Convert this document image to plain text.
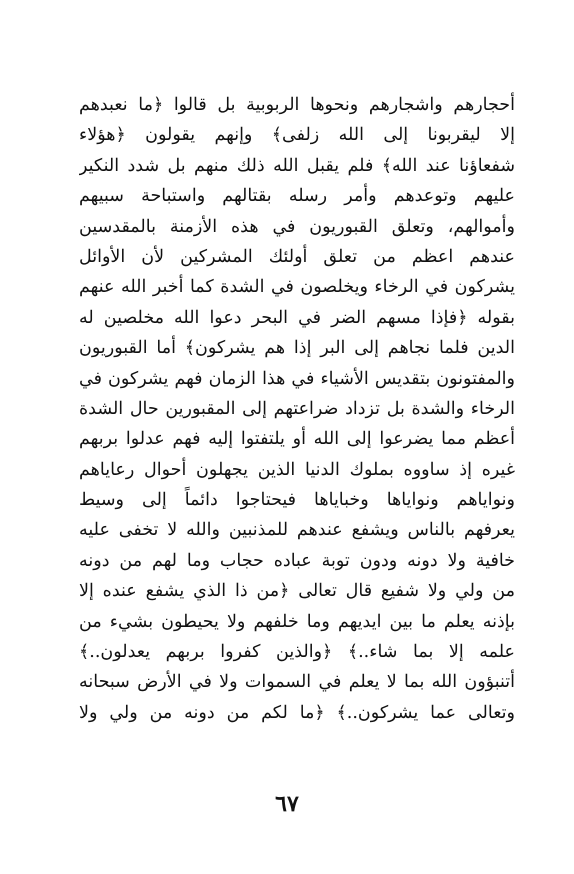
أحجارهم واشجارهم ونحوها الربوبية بل قالوا ﴿ما نعبدهم
إلا ليقربونا إلى الله زلفى﴾ وإنهم يقولون ﴿هؤلاء
شفعاؤنا عند الله﴾ فلم يقبل الله ذلك منهم بل شدد النكير
عليهم وتوعدهم وأمر رسله بقتالهم واستباحة سبيهم
وأموالهم، وتعلق القبوريون في هذه الأزمنة بالمقدسين
عندهم اعظم من تعلق أولئك المشركين لأن الأوائل
يشركون في الرخاء ويخلصون في الشدة كما أخبر الله عنهم
بقوله ﴿فإذا مسهم الضر في البحر دعوا الله مخلصين له
الدين فلما نجاهم إلى البر إذا هم يشركون﴾ أما القبوريون
والمفتونون بتقديس الأشياء في هذا الزمان فهم يشركون في
الرخاء والشدة بل تزداد ضراعتهم إلى المقبورين حال الشدة
أعظم مما يضرعوا إلى الله أو يلتفتوا إليه فهم عدلوا بربهم
غيره إذ ساووه بملوك الدنيا الذين يجهلون أحوال رعاياهم
ونواياهم ونواياها وخباياها فيحتاجوا دائماً إلى وسيط
يعرفهم بالناس ويشفع عندهم للمذنبين والله لا تخفى عليه
خافية ولا دونه ودون توبة عباده حجاب وما لهم من دونه
من ولي ولا شفيع قال تعالى ﴿من ذا الذي يشفع عنده إلا
بإذنه يعلم ما بين ايديهم وما خلفهم ولا يحيطون بشيء من
علمه إلا بما شاء..﴾ ﴿والذين كفروا بربهم يعدلون..﴾
أتنبؤون الله بما لا يعلم في السموات ولا في الأرض سبحانه
وتعالى عما يشركون..﴾ ﴿ما لكم من دونه من ولي ولا
٦٧
